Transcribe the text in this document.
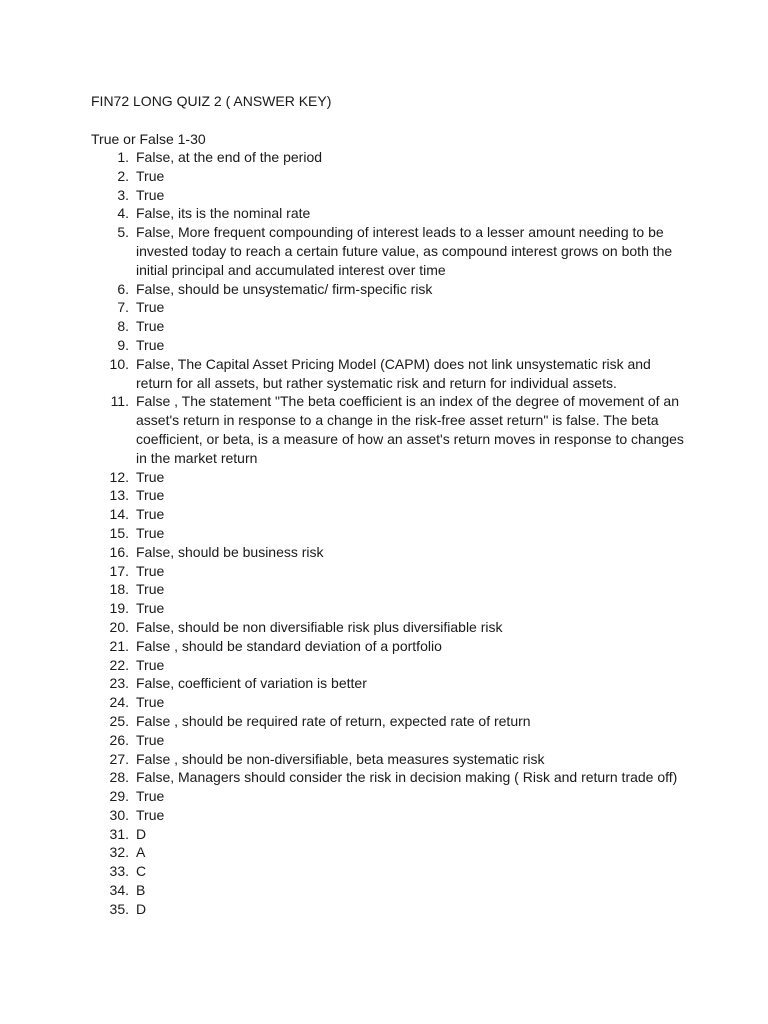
FIN72 LONG QUIZ 2 ( ANSWER KEY)
True or False 1-30
1. False, at the end of the period
2. True
3. True
4. False, its is the nominal rate
5. False, More frequent compounding of interest leads to a lesser amount needing to be invested today to reach a certain future value, as compound interest grows on both the initial principal and accumulated interest over time
6. False, should be unsystematic/ firm-specific risk
7. True
8. True
9. True
10. False, The Capital Asset Pricing Model (CAPM) does not link unsystematic risk and return for all assets, but rather systematic risk and return for individual assets.
11. False , The statement "The beta coefficient is an index of the degree of movement of an asset's return in response to a change in the risk-free asset return" is false. The beta coefficient, or beta, is a measure of how an asset's return moves in response to changes in the market return
12. True
13. True
14. True
15. True
16. False, should be business risk
17. True
18. True
19. True
20. False, should be non diversifiable risk plus diversifiable risk
21. False , should be standard deviation of a portfolio
22. True
23. False, coefficient of variation is better
24. True
25. False , should be required rate of return, expected rate of return
26. True
27. False , should be non-diversifiable, beta measures systematic risk
28. False, Managers should consider the risk in decision making ( Risk and return trade off)
29. True
30. True
31. D
32. A
33. C
34. B
35. D
